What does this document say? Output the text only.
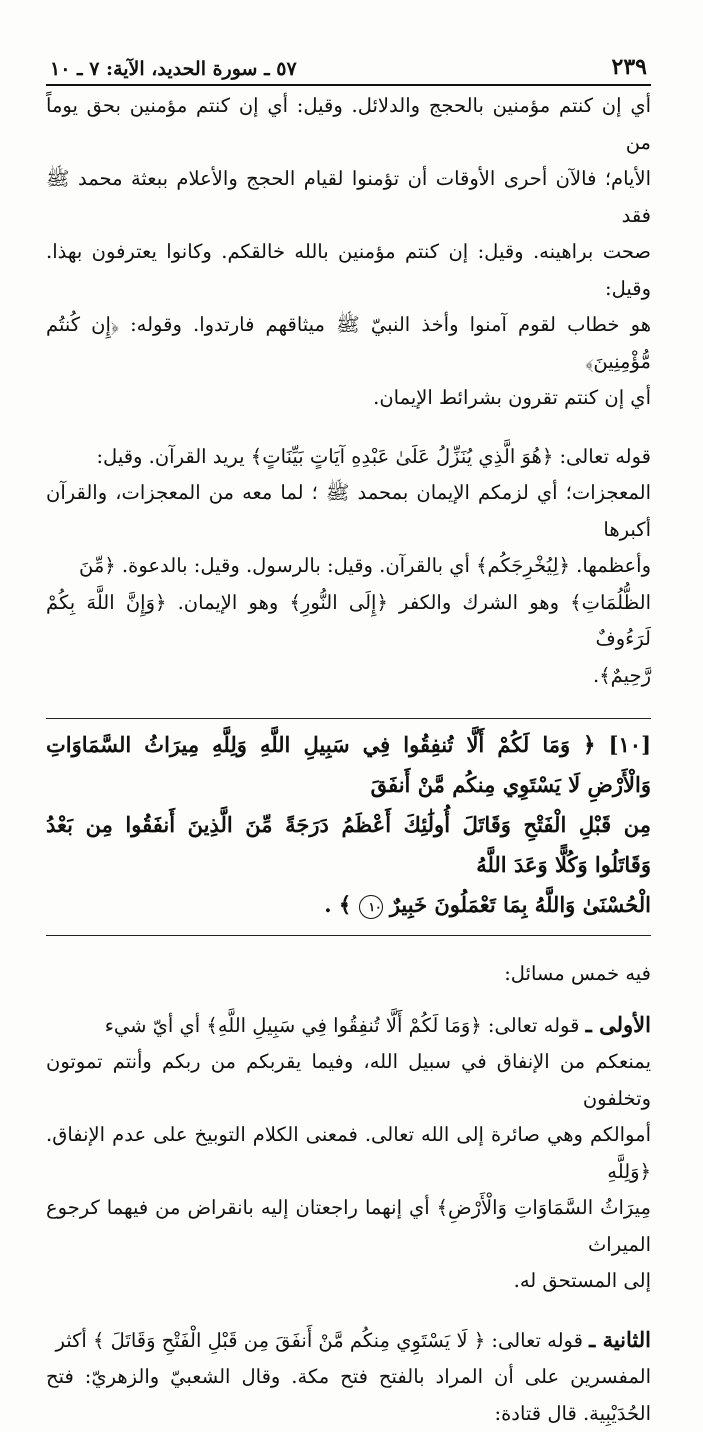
٢٣٩
٥٧ ـ سورة الحديد، الآية: ٧ ـ ١٠
أي إن كنتم مؤمنين بالحجج والدلائل. وقيل: أي إن كنتم مؤمنين بحق يوماً من
الأيام؛ فالآن أحرى الأوقات أن تؤمنوا لقيام الحجج والأعلام ببعثة محمد ﷺ فقد
صحت براهينه. وقيل: إن كنتم مؤمنين بالله خالقكم. وكانوا يعترفون بهذا. وقيل:
هو خطاب لقوم آمنوا وأخذ النبيّ ﷺ ميثاقهم فارتدوا. وقوله: ﴿إِن كُنتُم مُّؤْمِنِينَ﴾
أي إن كنتم تقرون بشرائط الإيمان.
قوله تعالى: ﴿هُوَ الَّذِي يُنَزِّلُ عَلَىٰ عَبْدِهِ آيَاتٍ بَيِّنَاتٍ﴾ يريد القرآن. وقيل:
المعجزات؛ أي لزمكم الإيمان بمحمد ﷺ ؛ لما معه من المعجزات، والقرآن أكبرها
وأعظمها. ﴿لِيُخْرِجَكُم﴾ أي بالقرآن. وقيل: بالرسول. وقيل: بالدعوة. ﴿مِّنَ
الظُّلُمَاتِ﴾ وهو الشرك والكفر ﴿إِلَى النُّورِ﴾ وهو الإيمان. ﴿وَإِنَّ اللَّهَ بِكُمْ لَرَءُوفٌ
رَّحِيمٌ﴾.
[١٠] ﴿ وَمَا لَكُمْ أَلَّا تُنفِقُوا فِي سَبِيلِ اللَّهِ وَلِلَّهِ مِيرَاثُ السَّمَاوَاتِ وَالْأَرْضِ لَا يَسْتَوِي مِنكُم مَّنْ أَنفَقَ
مِن قَبْلِ الْفَتْحِ وَقَاتَلَ أُولَٰئِكَ أَعْظَمُ دَرَجَةً مِّنَ الَّذِينَ أَنفَقُوا مِن بَعْدُ وَقَاتَلُوا وَكُلًّا وَعَدَ اللَّهُ
الْحُسْنَىٰ وَاللَّهُ بِمَا تَعْمَلُونَ خَبِيرٌ ١٠ ﴾ .
فيه خمس مسائل:
الأولى ـ قوله تعالى: ﴿وَمَا لَكُمْ أَلَّا تُنفِقُوا فِي سَبِيلِ اللَّهِ﴾ أي أيّ شيء
يمنعكم من الإنفاق في سبيل الله، وفيما يقربكم من ربكم وأنتم تموتون وتخلفون
أموالكم وهي صائرة إلى الله تعالى. فمعنى الكلام التوبيخ على عدم الإنفاق. ﴿وَلِلَّهِ
مِيرَاثُ السَّمَاوَاتِ وَالْأَرْضِ﴾ أي إنهما راجعتان إليه بانقراض من فيهما كرجوع الميراث
إلى المستحق له.
الثانية ـ قوله تعالى: ﴿ لَا يَسْتَوِي مِنكُم مَّنْ أَنفَقَ مِن قَبْلِ الْفَتْحِ وَقَاتَلَ ﴾ أكثر
المفسرين على أن المراد بالفتح فتح مكة. وقال الشعبيّ والزهريّ: فتح الحُدَيْبِية. قال قتادة:
